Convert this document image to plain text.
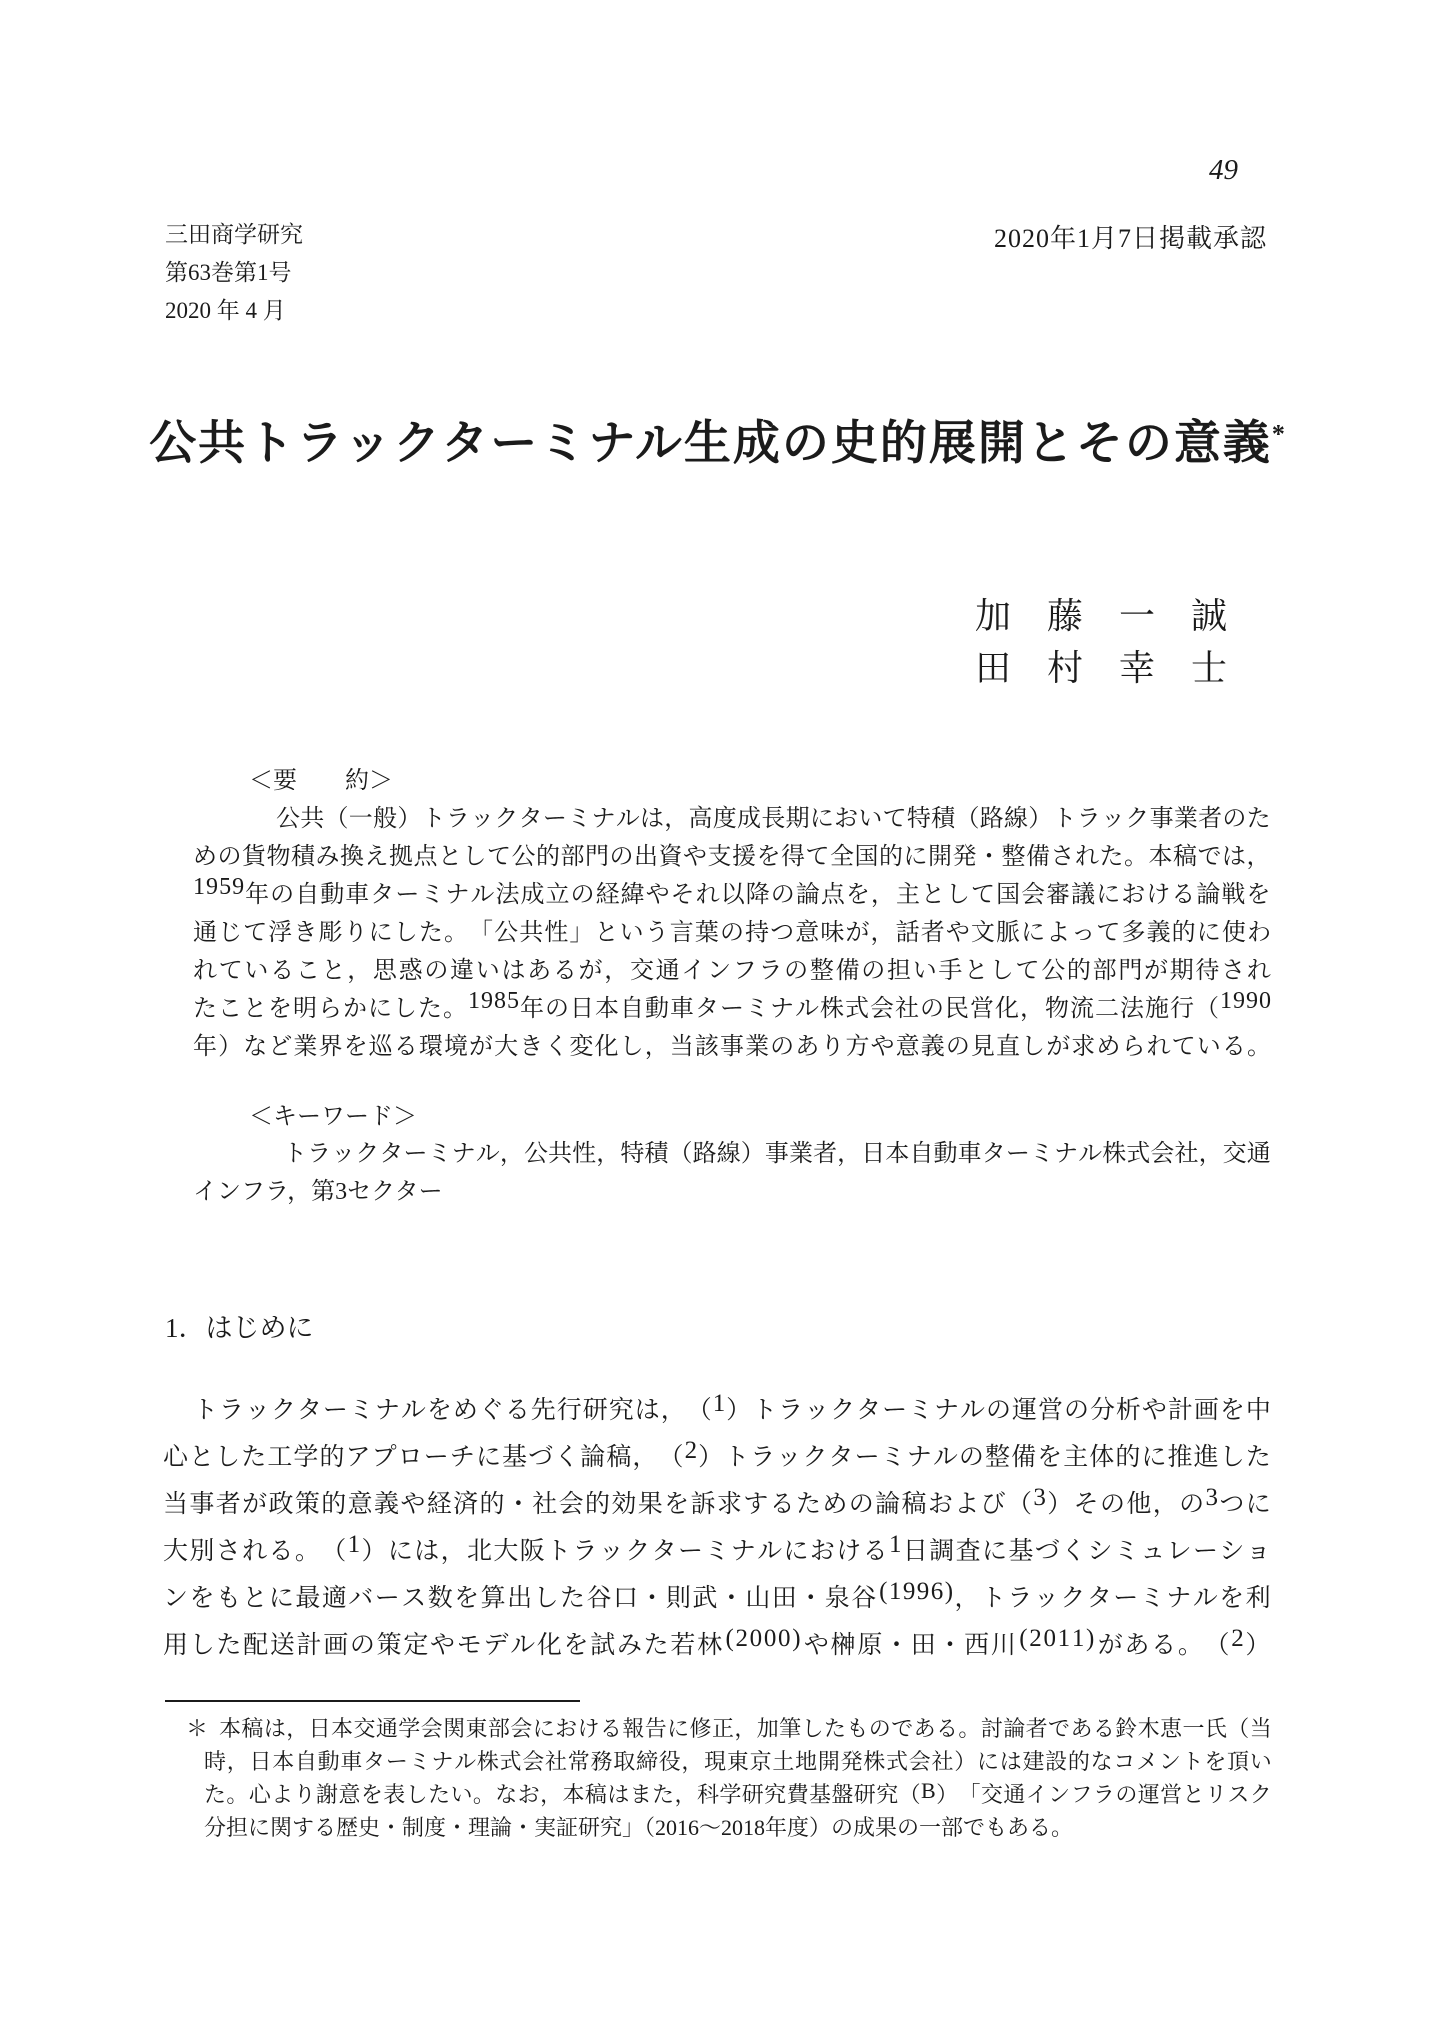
49
三田商学研究
第63巻第1号
2020 年 4 月
2020年1月7日掲載承認
公共トラックターミナル生成の史的展開とその意義*
加　藤　一　誠
田　村　幸　士
＜要　　約＞
公 共 （ 一 般 ） ト ラ ッ ク タ ー ミ ナ ル は ， 高 度 成 長 期 に お い て 特 積 （ 路 線 ） ト ラ ッ ク 事 業 者 の た
め の 貨 物 積 み 換 え 拠 点 と し て 公 的 部 門 の 出 資 や 支 援 を 得 て 全 国 的 に 開 発 ・ 整 備 さ れ た 。 本 稿 で は ，
1 9 5 9 年 の 自 動 車 タ ー ミ ナ ル 法 成 立 の 経 緯 や そ れ 以 降 の 論 点 を ， 主 と し て 国 会 審 議 に お け る 論 戦 を
通 じ て 浮 き 彫 り に し た 。 「 公 共 性 」 と い う 言 葉 の 持 つ 意 味 が ， 話 者 や 文 脈 に よ っ て 多 義 的 に 使 わ
れ て い る こ と ， 思 惑 の 違 い は あ る が ， 交 通 イ ン フ ラ の 整 備 の 担 い 手 と し て 公 的 部 門 が 期 待 さ れ
た こ と を 明 ら か に し た 。 1 9 8 5 年 の 日 本 自 動 車 タ ー ミ ナ ル 株 式 会 社 の 民 営 化 ， 物 流 二 法 施 行 （ 1 9 9 0
年 ） な ど 業 界 を 巡 る 環 境 が 大 き く 変 化 し ， 当 該 事 業 の あ り 方 や 意 義 の 見 直 し が 求 め ら れ て い る 。
＜キーワード＞
ト ラ ッ ク タ ー ミ ナ ル ， 公 共 性 ， 特 積 （ 路 線 ） 事 業 者 ， 日 本 自 動 車 タ ー ミ ナ ル 株 式 会 社 ， 交 通
インフラ，第3セクター
1．はじめに
ト ラ ッ ク タ ー ミ ナ ル を め ぐ る 先 行 研 究 は ， （ 1 ） ト ラ ッ ク タ ー ミ ナ ル の 運 営 の 分 析 や 計 画 を 中
心 と し た 工 学 的 ア プ ロ ー チ に 基 づ く 論 稿 ， （ 2 ） ト ラ ッ ク タ ー ミ ナ ル の 整 備 を 主 体 的 に 推 進 し た
当 事 者 が 政 策 的 意 義 や 経 済 的 ・ 社 会 的 効 果 を 訴 求 す る た め の 論 稿 お よ び （ 3 ） そ の 他 ， の 3 つ に
大 別 さ れ る 。 （ 1 ） に は ， 北 大 阪 ト ラ ッ ク タ ー ミ ナ ル に お け る 1 日 調 査 に 基 づ く シ ミ ュ レ ー シ ョ
ン を も と に 最 適 バ ー ス 数 を 算 出 し た 谷 口 ・ 則 武 ・ 山 田 ・ 泉 谷 ( 1 9 9 6 ) ， ト ラ ッ ク タ ー ミ ナ ル を 利
用 し た 配 送 計 画 の 策 定 や モ デ ル 化 を 試 み た 若 林 ( 2 0 0 0 ) や 榊 原 ・ 田 ・ 西 川 ( 2 0 1 1 ) が あ る 。 （ 2 ）
＊ 本 稿 は ， 日 本 交 通 学 会 関 東 部 会 に お け る 報 告 に 修 正 ， 加 筆 し た も の で あ る 。 討 論 者 で あ る 鈴 木 恵 一 氏 （ 当
時 ， 日 本 自 動 車 タ ー ミ ナ ル 株 式 会 社 常 務 取 締 役 ， 現 東 京 土 地 開 発 株 式 会 社 ） に は 建 設 的 な コ メ ン ト を 頂 い
た 。 心 よ り 謝 意 を 表 し た い 。 な お ， 本 稿 は ま た ， 科 学 研 究 費 基 盤 研 究 （ B ） 「 交 通 イ ン フ ラ の 運 営 と リ ス ク
分担に関する歴史・制度・理論・実証研究」（2016〜2018年度）の成果の一部でもある。
